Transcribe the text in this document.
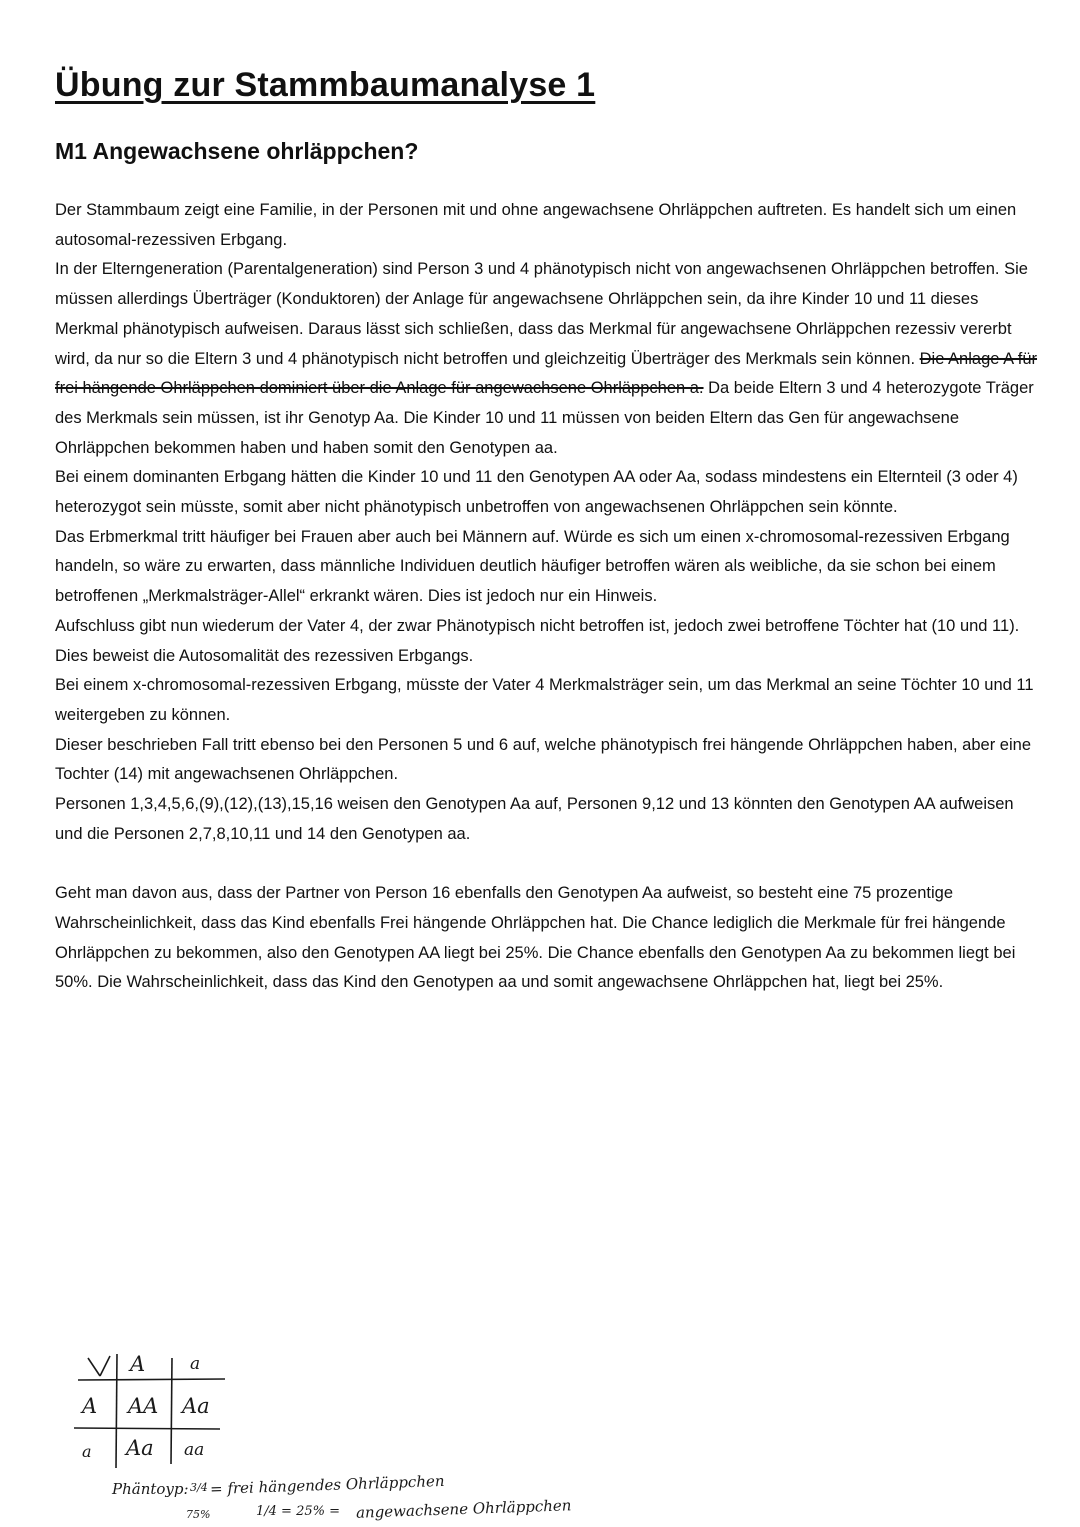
Übung zur Stammbaumanalyse 1
M1 Angewachsene ohrläppchen?

Der Stammbaum zeigt eine Familie, in der Personen mit und ohne angewachsene Ohrläppchen auftreten. Es handelt sich um einen autosomal-rezessiven Erbgang.

In der Elterngeneration (Parentalgeneration) sind Person 3 und 4 phänotypisch nicht von angewachsenen Ohrläppchen betroffen. Sie müssen allerdings Überträger (Konduktoren) der Anlage für angewachsene Ohrläppchen sein, da ihre Kinder 10 und 11 dieses Merkmal phänotypisch aufweisen. Daraus lässt sich schließen, dass das Merkmal für angewachsene Ohrläppchen rezessiv vererbt wird, da nur so die Eltern 3 und 4 phänotypisch nicht betroffen und gleichzeitig Überträger des Merkmals sein können. Die Anlage A für frei hängende Ohrläppchen dominiert über die Anlage für angewachsene Ohrläppchen a. Da beide Eltern 3 und 4 heterozygote Träger des Merkmals sein müssen, ist ihr Genotyp Aa. Die Kinder 10 und 11 müssen von beiden Eltern das Gen für angewachsene Ohrläppchen bekommen haben und haben somit den Genotypen aa.

Bei einem dominanten Erbgang hätten die Kinder 10 und 11 den Genotypen AA oder Aa, sodass mindestens ein Elternteil (3 oder 4) heterozygot sein müsste, somit aber nicht phänotypisch unbetroffen von angewachsenen Ohrläppchen sein könnte.

Das Erbmerkmal tritt häufiger bei Frauen aber auch bei Männern auf. Würde es sich um einen x-chromosomal-rezessiven Erbgang handeln, so wäre zu erwarten, dass männliche Individuen deutlich häufiger betroffen wären als weibliche, da sie schon bei einem betroffenen „Merkmalsträger-Allel“ erkrankt wären. Dies ist jedoch nur ein Hinweis.

Aufschluss gibt nun wiederum der Vater 4, der zwar Phänotypisch nicht betroffen ist, jedoch zwei betroffene Töchter hat (10 und 11). Dies beweist die Autosomalität des rezessiven Erbgangs.

Bei einem x-chromosomal-rezessiven Erbgang, müsste der Vater 4 Merkmalsträger sein, um das Merkmal an seine Töchter 10 und 11 weitergeben zu können.

Dieser beschrieben Fall tritt ebenso bei den Personen 5 und 6 auf, welche phänotypisch frei hängende Ohrläppchen haben, aber eine Tochter (14) mit angewachsenen Ohrläppchen.

Personen 1,3,4,5,6,(9),(12),(13),15,16 weisen den Genotypen Aa auf, Personen 9,12 und 13 könnten den Genotypen AA aufweisen und die Personen 2,7,8,10,11 und 14 den Genotypen aa.

Geht man davon aus, dass der Partner von Person 16 ebenfalls den Genotypen Aa aufweist, so besteht eine 75 prozentige Wahrscheinlichkeit, dass das Kind ebenfalls Frei hängende Ohrläppchen hat. Die Chance lediglich die Merkmale für frei hängende Ohrläppchen zu bekommen, also den Genotypen AA liegt bei 25%. Die Chance ebenfalls den Genotypen Aa zu bekommen liegt bei 50%. Die Wahrscheinlichkeit, dass das Kind den Genotypen aa und somit angewachsene Ohrläppchen hat, liegt bei 25%.

A	a
A
a
AA Aa
Aa aa
Phäntoyp: 3/4 = frei hängendes Ohrläppchen
75%	1/4 = 25% = angewachsene Ohrläppchen
